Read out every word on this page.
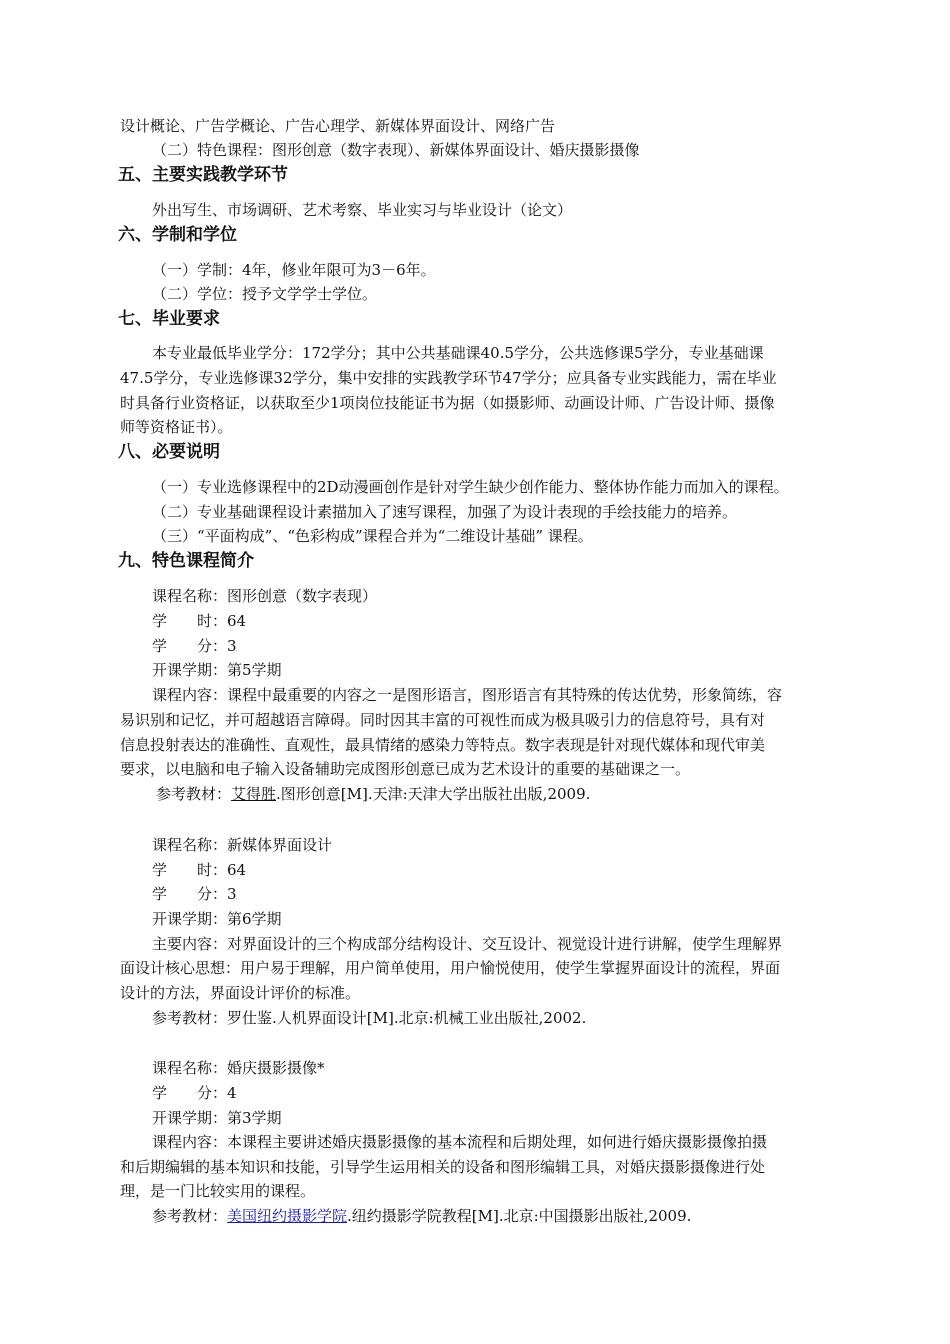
设计概论、广告学概论、广告心理学、新媒体界面设计、网络广告
（二）特色课程：图形创意（数字表现）、新媒体界面设计、婚庆摄影摄像
五、主要实践教学环节
外出写生、市场调研、艺术考察、毕业实习与毕业设计（论文）
六、学制和学位
（一）学制：4年，修业年限可为3－6年。
（二）学位：授予文学学士学位。
七、毕业要求
本专业最低毕业学分：172学分；其中公共基础课40.5学分，公共选修课5学分，专业基础课
47.5学分，专业选修课32学分，集中安排的实践教学环节47学分；应具备专业实践能力，需在毕业
时具备行业资格证，以获取至少1项岗位技能证书为据（如摄影师、动画设计师、广告设计师、摄像
师等资格证书）。
八、必要说明
（一）专业选修课程中的2D动漫画创作是针对学生缺少创作能力、整体协作能力而加入的课程。
（二）专业基础课程设计素描加入了速写课程，加强了为设计表现的手绘技能力的培养。
（三）“平面构成”、“色彩构成”课程合并为“二维设计基础” 课程。
九、特色课程简介
课程名称：图形创意（数字表现）
学　　时：64
学　　分：3
开课学期：第5学期
课程内容：课程中最重要的内容之一是图形语言，图形语言有其特殊的传达优势，形象简练，容
易识别和记忆，并可超越语言障碍。同时因其丰富的可视性而成为极具吸引力的信息符号，具有对
信息投射表达的准确性、直观性，最具情绪的感染力等特点。数字表现是针对现代媒体和现代审美
要求，以电脑和电子输入设备辅助完成图形创意已成为艺术设计的重要的基础课之一。
参考教材：艾得胜.图形创意[M].天津:天津大学出版社出版,2009.
课程名称：新媒体界面设计
学　　时：64
学　　分：3
开课学期：第6学期
主要内容：对界面设计的三个构成部分结构设计、交互设计、视觉设计进行讲解，使学生理解界
面设计核心思想：用户易于理解，用户简单使用，用户愉悦使用，使学生掌握界面设计的流程，界面
设计的方法，界面设计评价的标准。
参考教材：罗仕鉴.人机界面设计[M].北京:机械工业出版社,2002.
课程名称：婚庆摄影摄像*
学　　分：4
开课学期：第3学期
课程内容：本课程主要讲述婚庆摄影摄像的基本流程和后期处理，如何进行婚庆摄影摄像拍摄
和后期编辑的基本知识和技能，引导学生运用相关的设备和图形编辑工具，对婚庆摄影摄像进行处
理，是一门比较实用的课程。
参考教材：美国纽约摄影学院.纽约摄影学院教程[M].北京:中国摄影出版社,2009.
